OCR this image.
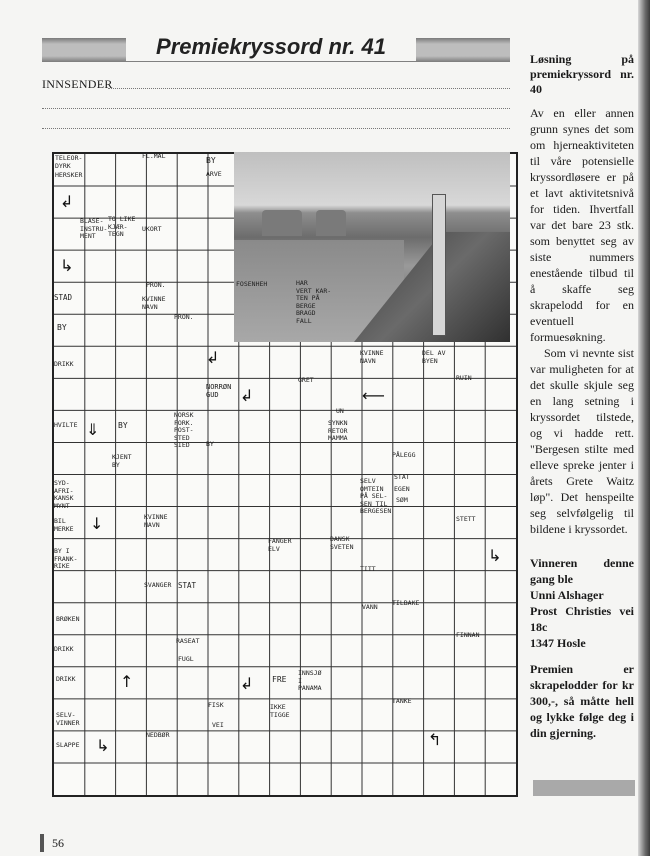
Premiekryssord nr. 41
INNSENDER
TELEOR-
DYRK
FL.MÅL	BY
HERSKER	ARVE
BLASE-
INSTRU-
MENT
TO LIKE
KJÆR-
TEGN
UKORT
PRON.
KVINNE
NAVN
HAR
VERT KAR-
TEN PÅ
BERGE
BRAGD
FALL
STAD
PRON.
FOSENHEH
BY
DRIKK
KVINNE
NAVN
DEL AV
BYEN
NORRØN
GUD
GRET	RUIN
HVILTE	BY
NORSK
FORK.
POST-
STED
SIED
UN
SYNKN
RETOR
MAMMA
BY
PÅLEGG
KJENT
BY
STAT
EGEN
SØM
SYD-
AFRI-
KANSK
MYNT
SELV
OMTEIN
PÅ SEL-
SEN TIL
BERGESEN
BIL
MERKE
KVINNE
NAVN
STETT
BY I
FRANK-
RIKE
FANGER
ELV
DANSK
SVETEN
SVANGER STAT
TILBAKE
DRIKK
RASEAT
FUGL
VANN
INNSJØ
I
PANAMA
FRE
FISK	IKKE
TIGGE
SELV-
VINNER
TANKE
SLAPPE
NEDBØR
VEI
DRIKK
TITT
BRØKEN
FINNAN
↲
↳
↲
↲	⟵
⇓
↓
↳
↑	↲
↳	↰
Løsning på premiekryssord nr. 40

Av en eller annen grunn synes det som om hjerneaktiviteten til våre potensielle kryssordløsere er på et lavt aktivitetsnivå for tiden. Ihvertfall var det bare 23 stk. som benyttet seg av siste nummers enestående tilbud til å skaffe seg skrapelodd for en eventuell formuesøkning.

Som vi nevnte sist var muligheten for at det skulle skjule seg en lang setning i kryssordet tilstede, og vi hadde rett. "Bergesen stilte med elleve spreke jenter i årets Grete Waitz løp". Det henspeilte seg selvfølgelig til bildene i kryssordet.

Vinneren denne gang ble

Unni Alshager

Prost Christies vei 18c

1347 Hosle

Premien er skrapelodder for kr 300,-, så måtte hell og lykke følge deg i din gjerning.

56
